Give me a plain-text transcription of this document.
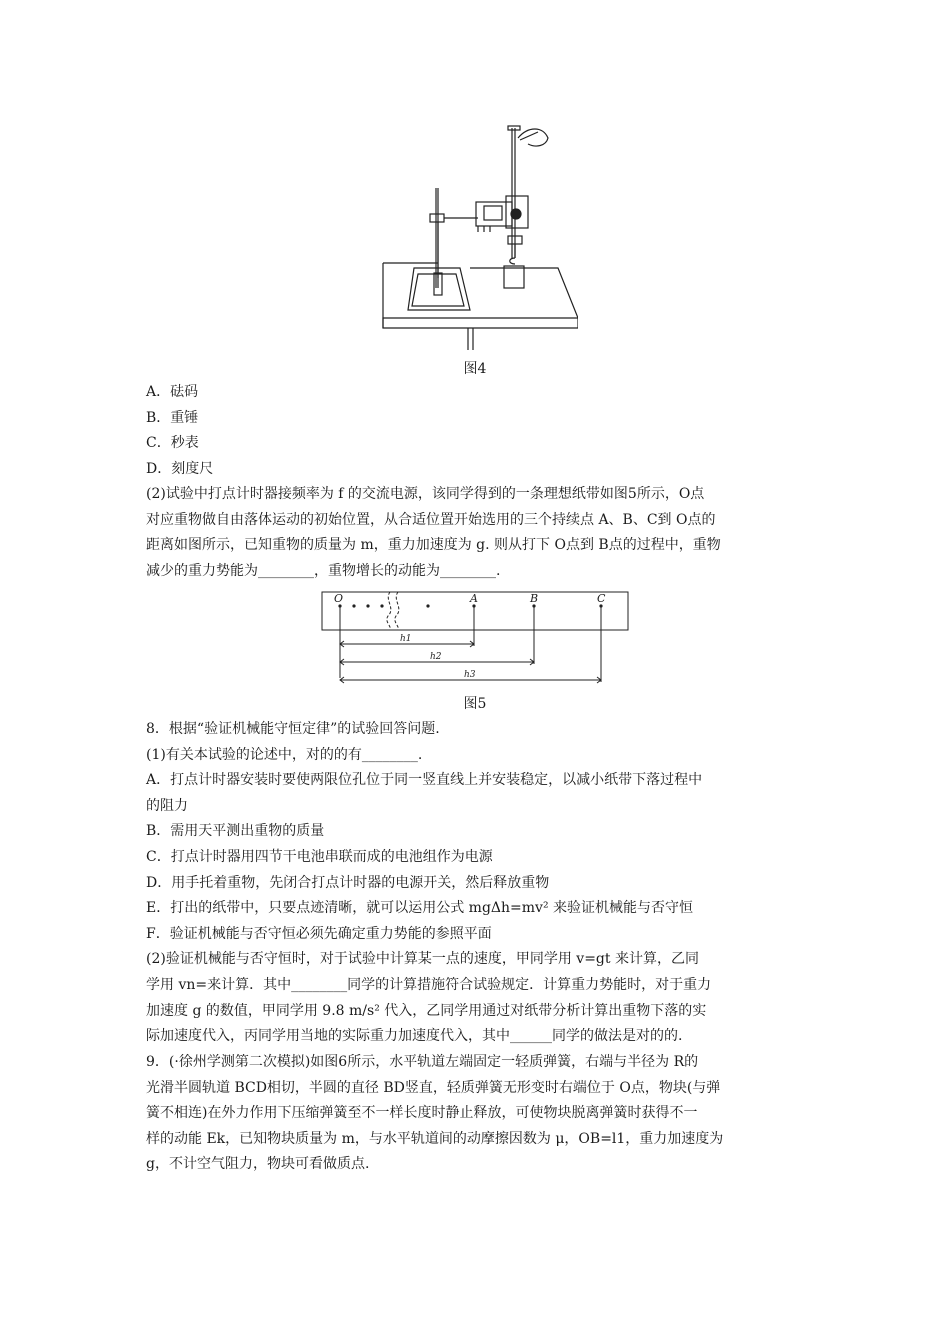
图4

A．砝码

B．重锤

C．秒表

D．刻度尺

(2)试验中打点计时器接频率为 f 的交流电源，该同学得到的一条理想纸带如图5所示，O点

对应重物做自由落体运动的初始位置，从合适位置开始选用的三个持续点 A、B、C到 O点的

距离如图所示，已知重物的质量为 m，重力加速度为 g. 则从打下 O点到 B点的过程中，重物

减少的重力势能为________，重物增长的动能为________.

O	A	B	C
h1
h2
h3
图5

8．根据“验证机械能守恒定律”的试验回答问题.

(1)有关本试验的论述中，对的的有________.

A．打点计时器安装时要使两限位孔位于同一竖直线上并安装稳定，以减小纸带下落过程中

的阻力

B．需用天平测出重物的质量

C．打点计时器用四节干电池串联而成的电池组作为电源

D．用手托着重物，先闭合打点计时器的电源开关，然后释放重物

E．打出的纸带中，只要点迹清晰，就可以运用公式 mgΔh=mv² 来验证机械能与否守恒

F．验证机械能与否守恒必须先确定重力势能的参照平面

(2)验证机械能与否守恒时，对于试验中计算某一点的速度，甲同学用 v=gt 来计算，乙同

学用 vn=来计算．其中________同学的计算措施符合试验规定．计算重力势能时，对于重力

加速度 g 的数值，甲同学用 9.8 m/s² 代入，乙同学用通过对纸带分析计算出重物下落的实

际加速度代入，丙同学用当地的实际重力加速度代入，其中______同学的做法是对的的.

9．(·徐州学测第二次模拟)如图6所示，水平轨道左端固定一轻质弹簧，右端与半径为 R的

光滑半圆轨道 BCD相切，半圆的直径 BD竖直，轻质弹簧无形变时右端位于 O点，物块(与弹

簧不相连)在外力作用下压缩弹簧至不一样长度时静止释放，可使物块脱离弹簧时获得不一

样的动能 Ek，已知物块质量为 m，与水平轨道间的动摩擦因数为 μ，OB=l1，重力加速度为

g，不计空气阻力，物块可看做质点.
